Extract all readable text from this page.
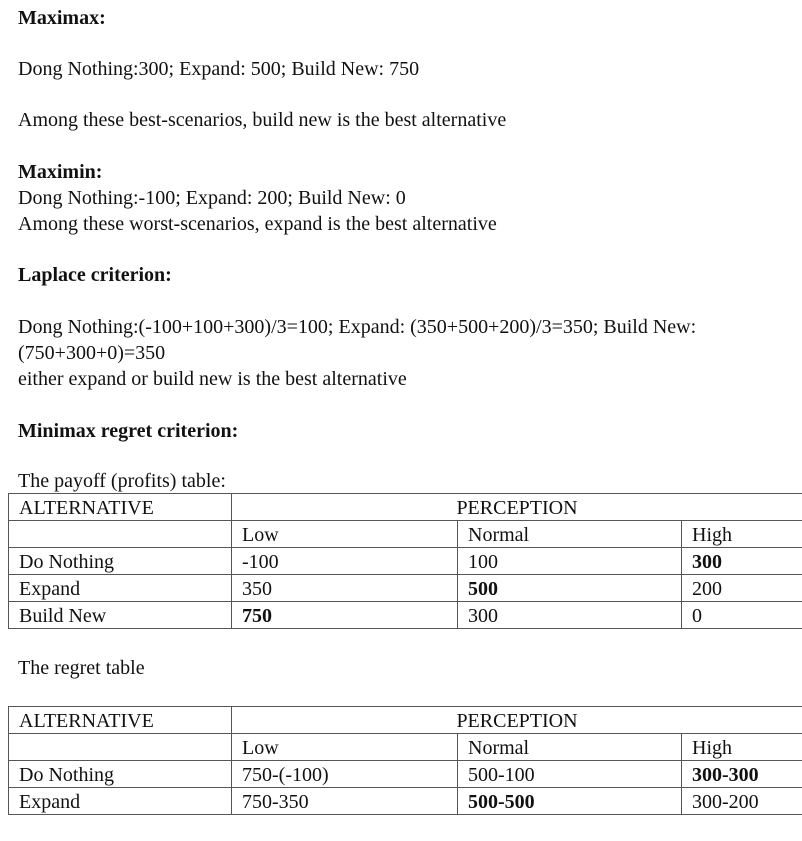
Maximax:
Dong Nothing:300; Expand: 500; Build New: 750
Among these best-scenarios, build new is the best alternative
Maximin:
Dong Nothing:-100; Expand: 200; Build New: 0
Among these worst-scenarios, expand is the best alternative
Laplace criterion:
Dong Nothing:(-100+100+300)/3=100; Expand: (350+500+200)/3=350; Build New:
(750+300+0)=350
either expand or build new is the best alternative
Minimax regret criterion:
The payoff (profits) table:
ALTERNATIVE	PERCEPTION		
	Low	Normal	High
Do Nothing	-100	100	300
Expand	350	500	200
Build New	750	300	0
The regret table
ALTERNATIVE	PERCEPTION		
	Low	Normal	High
Do Nothing	750-(-100)	500-100	300-300
Expand	750-350	500-500	300-200
